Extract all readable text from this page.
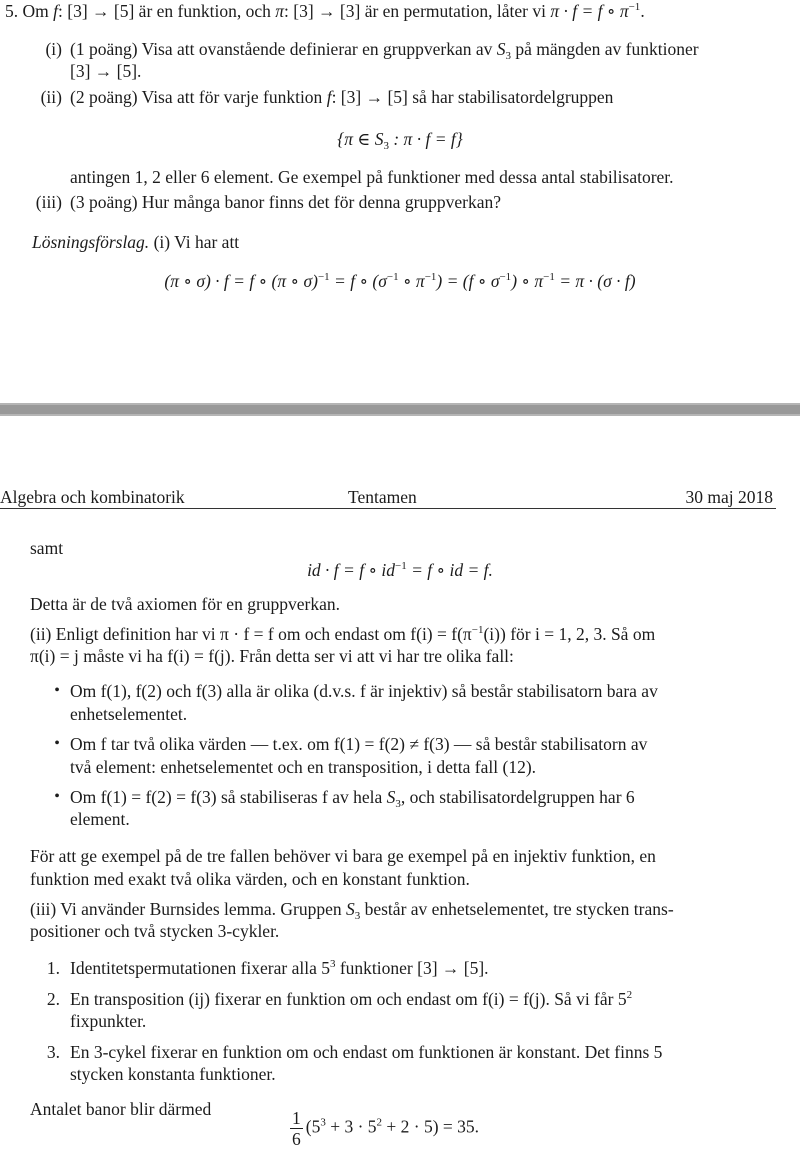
5. Om f: [3] → [5] är en funktion, och π: [3] → [3] är en permutation, låter vi π · f = f ∘ $\pi^{-1}$.
(i) (1 poäng) Visa att ovanstående definierar en gruppverkan av $S_3$ på mängden av funktioner
[3] → [5].
(ii) (2 poäng) Visa att för varje funktion f: [3] → [5] så har stabilisatordelgruppen
{π ∈ $S_3$ : π · f = f}
antingen 1, 2 eller 6 element. Ge exempel på funktioner med dessa antal stabilisatorer.
(iii) (3 poäng) Hur många banor finns det för denna gruppverkan?
Lösningsförslag. (i) Vi har att
(π ∘ σ) · f = f ∘ (π ∘ σ)$^{-1}$ = f ∘ ($\sigma^{-1}$ ∘ $\pi^{-1}) = (f$ ∘ $\sigma^{-1}$) ∘ $\pi^{-1} = \pi \cdot (\sigma \cdot f)$
Algebra och kombinatorik	Tentamen	30 maj 2018
samt
id · f = f ∘ $id^{-1} = f$ ∘ id = f.
Detta är de två axiomen för en gruppverkan.
(ii) Enligt definition har vi π · f = f om och endast om $f(i) = f(\pi^{-1}(i))$ för i = 1, 2, 3. Så om
π(i) = j måste vi ha f(i) = f(j). Från detta ser vi att vi har tre olika fall:
• Om f(1), f(2) och f(3) alla är olika (d.v.s. f är injektiv) så består stabilisatorn bara av
enhetselementet.
• Om f tar två olika värden — t.ex. om f(1) = f(2) ≠ f(3) — så består stabilisatorn av
två element: enhetselementet och en transposition, i detta fall (12).
• Om f(1) = f(2) = f(3) så stabiliseras f av hela $S_3$, och stabilisatordelgruppen har 6
element.
För att ge exempel på de tre fallen behöver vi bara ge exempel på en injektiv funktion, en
funktion med exakt två olika värden, och en konstant funktion.
(iii) Vi använder Burnsides lemma. Gruppen $S_3$ består av enhetselementet, tre stycken trans-
positioner och två stycken 3-cykler.
1. Identitetspermutationen fixerar alla $5^3$ funktioner [3] → [5].
2. En transposition (ij) fixerar en funktion om och endast om f(i) = f(j). Så vi får $5^2$
fixpunkter.
3. En 3-cykel fixerar en funktion om och endast om funktionen är konstant. Det finns 5
stycken konstanta funktioner.
Antalet banor blir därmed	$\frac{1}{6} (5^3 + 3 \cdot 5^2 + 2 \cdot 5) = 35$.
